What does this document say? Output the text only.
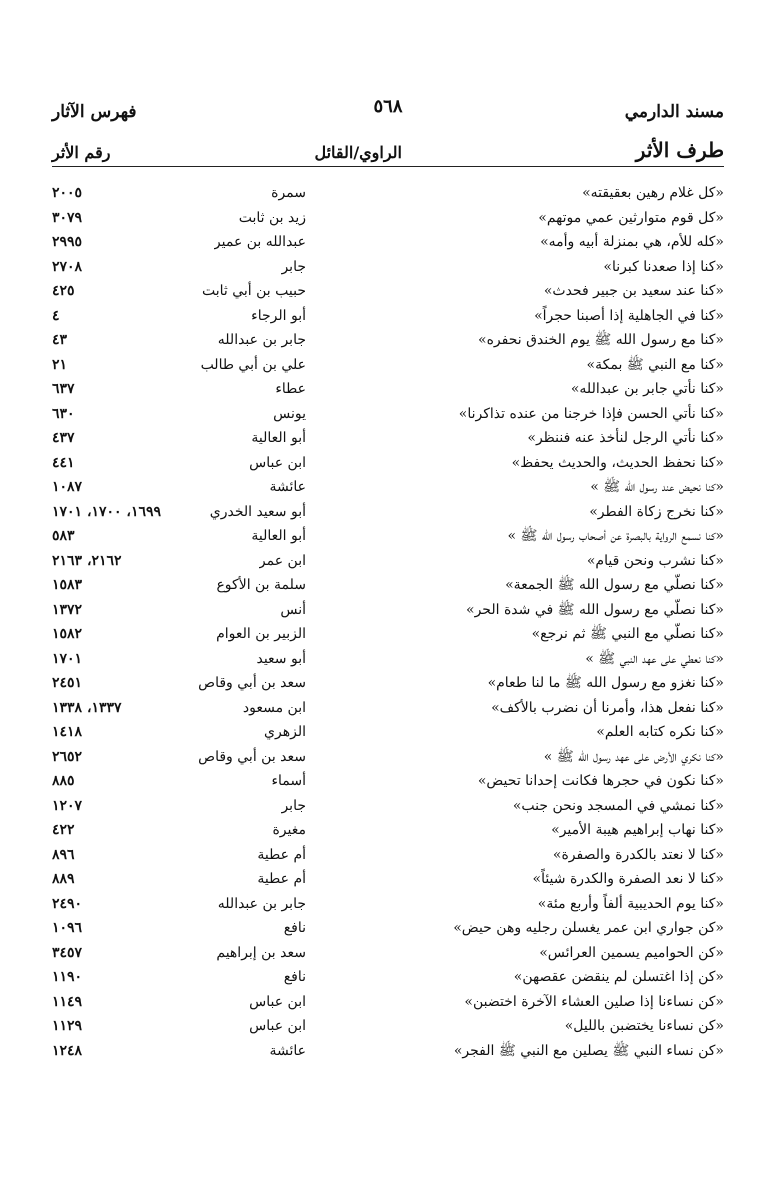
مسند الدارمي
٥٦٨
فهرس الآثار
طرف الأثر
الراوي/القائل
رقم الأثر
«كل غلام رهين بعقيقته»
سمرة
٢٠٠٥
«كل قوم متوارثين عمي موتهم»
زيد بن ثابت
٣٠٧٩
«كله للأم، هي بمنزلة أبيه وأمه»
عبدالله بن عمير
٢٩٩٥
«كنا إذا صعدنا كبرنا»
جابر
٢٧٠٨
«كنا عند سعيد بن جبير فحدث»
حبيب بن أبي ثابت
٤٢٥
«كنا في الجاهلية إذا أصبنا حجراً»
أبو الرجاء
٤
«كنا مع رسول الله ﷺ يوم الخندق نحفره»
جابر بن عبدالله
٤٣
«كنا مع النبي ﷺ بمكة»
علي بن أبي طالب
٢١
«كنا نأتي جابر بن عبدالله»
عطاء
٦٣٧
«كنا نأتي الحسن فإذا خرجنا من عنده تذاكرنا»
يونس
٦٣٠
«كنا نأتي الرجل لنأخذ عنه فننظر»
أبو العالية
٤٣٧
«كنا نحفظ الحديث، والحديث يحفظ»
ابن عباس
٤٤١
«كنا نحيض عند رسول الله ﷺ »
عائشة
١٠٨٧
«كنا نخرج زكاة الفطر»
أبو سعيد الخدري
١٦٩٩، ١٧٠٠، ١٧٠١
«كنا نسمع الرواية بالبصرة عن أصحاب رسول الله ﷺ »
أبو العالية
٥٨٣
«كنا نشرب ونحن قيام»
ابن عمر
٢١٦٢، ٢١٦٣
«كنا نصلّي مع رسول الله ﷺ الجمعة»
سلمة بن الأكوع
١٥٨٣
«كنا نصلّي مع رسول الله ﷺ في شدة الحر»
أنس
١٣٧٢
«كنا نصلّي مع النبي ﷺ ثم نرجع»
الزبير بن العوام
١٥٨٢
«كنا نعطي على عهد النبي ﷺ »
أبو سعيد
١٧٠١
«كنا نغزو مع رسول الله ﷺ ما لنا طعام»
سعد بن أبي وقاص
٢٤٥١
«كنا نفعل هذا، وأمرنا أن نضرب بالأكف»
ابن مسعود
١٣٣٧، ١٣٣٨
«كنا نكره كتابه العلم»
الزهري
١٤١٨
«كنا نكري الأرض على عهد رسول الله ﷺ »
سعد بن أبي وقاص
٢٦٥٢
«كنا نكون في حجرها فكانت إحدانا تحيض»
أسماء
٨٨٥
«كنا نمشي في المسجد ونحن جنب»
جابر
١٢٠٧
«كنا نهاب إبراهيم هيبة الأمير»
مغيرة
٤٢٢
«كنا لا نعتد بالكدرة والصفرة»
أم عطية
٨٩٦
«كنا لا نعد الصفرة والكدرة شيئاً»
أم عطية
٨٨٩
«كنا يوم الحديبية ألفاً وأربع مئة»
جابر بن عبدالله
٢٤٩٠
«كن جواري ابن عمر يغسلن رجليه وهن حيض»
نافع
١٠٩٦
«كن الحواميم يسمين العرائس»
سعد بن إبراهيم
٣٤٥٧
«كن إذا اغتسلن لم ينقضن عقصهن»
نافع
١١٩٠
«كن نساءنا إذا صلين العشاء الآخرة اختضبن»
ابن عباس
١١٤٩
«كن نساءنا يختضبن بالليل»
ابن عباس
١١٢٩
«كن نساء النبي ﷺ يصلين مع النبي ﷺ الفجر»
عائشة
١٢٤٨
